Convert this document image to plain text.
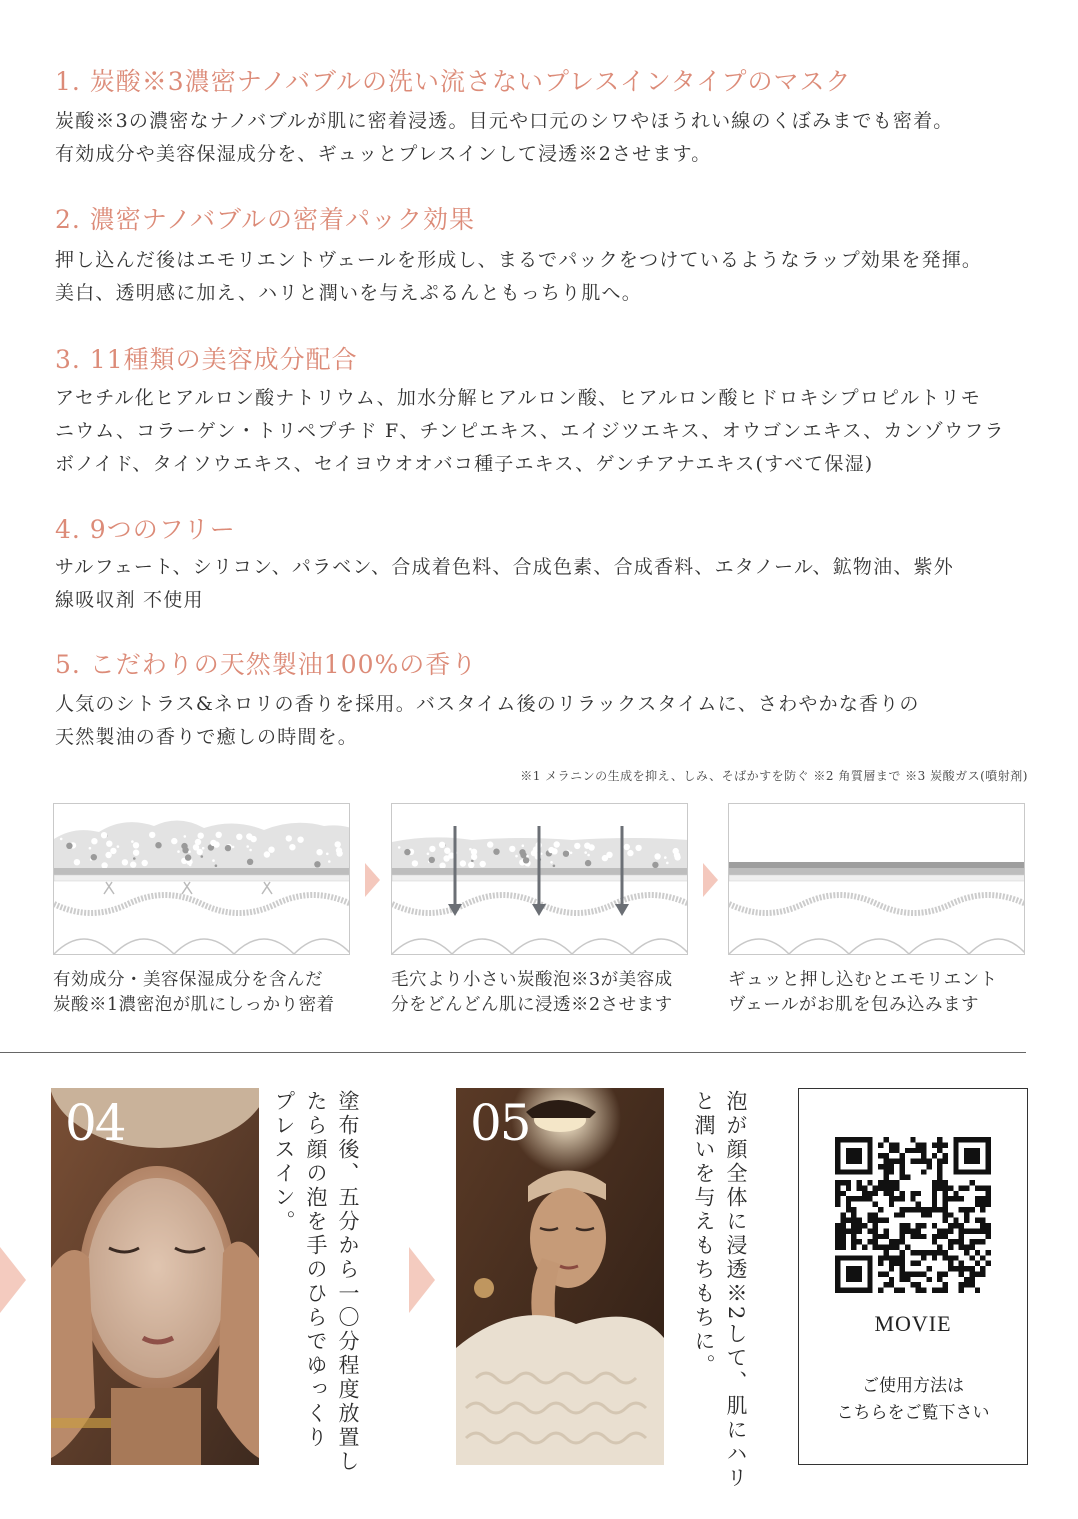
1. 炭酸※3濃密ナノバブルの洗い流さないプレスインタイプのマスク

炭酸※3の濃密なナノバブルが肌に密着浸透。目元や口元のシワやほうれい線のくぼみまでも密着。

有効成分や美容保湿成分を、ギュッとプレスインして浸透※2させます。

2. 濃密ナノバブルの密着パック効果

押し込んだ後はエモリエントヴェールを形成し、まるでパックをつけているようなラップ効果を発揮。

美白、透明感に加え、ハリと潤いを与えぷるんともっちり肌へ。

3. 11種類の美容成分配合

アセチル化ヒアルロン酸ナトリウム、加水分解ヒアルロン酸、ヒアルロン酸ヒドロキシプロピルトリモ

ニウム、コラーゲン・トリペプチド F、チンピエキス、エイジツエキス、オウゴンエキス、カンゾウフラ

ボノイド、タイソウエキス、セイヨウオオバコ種子エキス、ゲンチアナエキス(すべて保湿)

4. 9つのフリー

サルフェート、シリコン、パラベン、合成着色料、合成色素、合成香料、エタノール、鉱物油、紫外

線吸収剤 不使用

5. こだわりの天然製油100%の香り

人気のシトラス&ネロリの香りを採用。バスタイム後のリラックスタイムに、さわやかな香りの

天然製油の香りで癒しの時間を。

※1 メラニンの生成を抑え、しみ、そばかすを防ぐ ※2 角質層まで ※3 炭酸ガス(噴射剤)
有効成分・美容保湿成分を含んだ
炭酸※1濃密泡が肌にしっかり密着
毛穴より小さい炭酸泡※3が美容成
分をどんどん肌に浸透※2させます
ギュッと押し込むとエモリエント
ヴェールがお肌を包み込みます
04	塗布後、五分から一〇分程度放置し
たら顔の泡を手のひらでゆっくり
プレスイン。	05	泡が顔全体に浸透※2して、肌にハリ
と潤いを与えもちもちに。	MOVIE
ご使用方法は
こちらをご覧下さい
